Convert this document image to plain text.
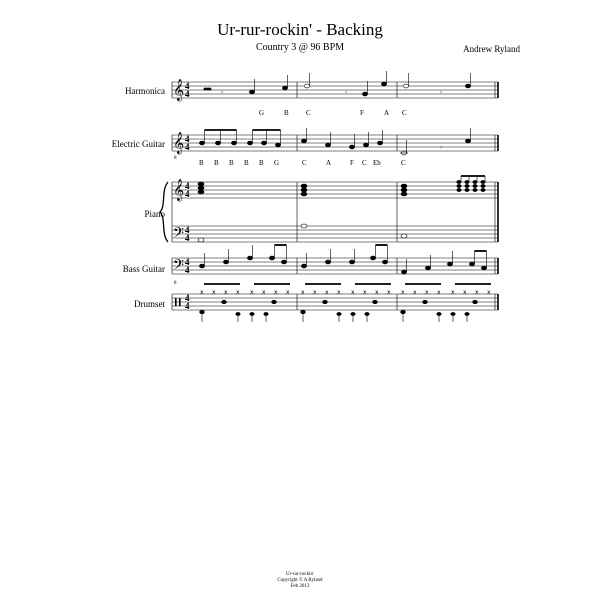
Ur-rur-rockin' - Backing
Country 3 @ 96 BPM	Andrew Ryland
Harmonica
Electric Guitar
Piano
Bass Guitar
Drumset
𝄞
𝄞
𝄞
𝄢
𝄢
4
4
4
4
4
4
4
4
4
4
4
4
8
8
𝄾	𝄾	𝄾
G	B C	F	A C
𝄾
B B B B B G	C	A	F C Eb	C
x x x x x x x x x x x x x x x x x x x x x x x x
Ur-rur-rockin'
Copyright © A Ryland
Feb 2013
